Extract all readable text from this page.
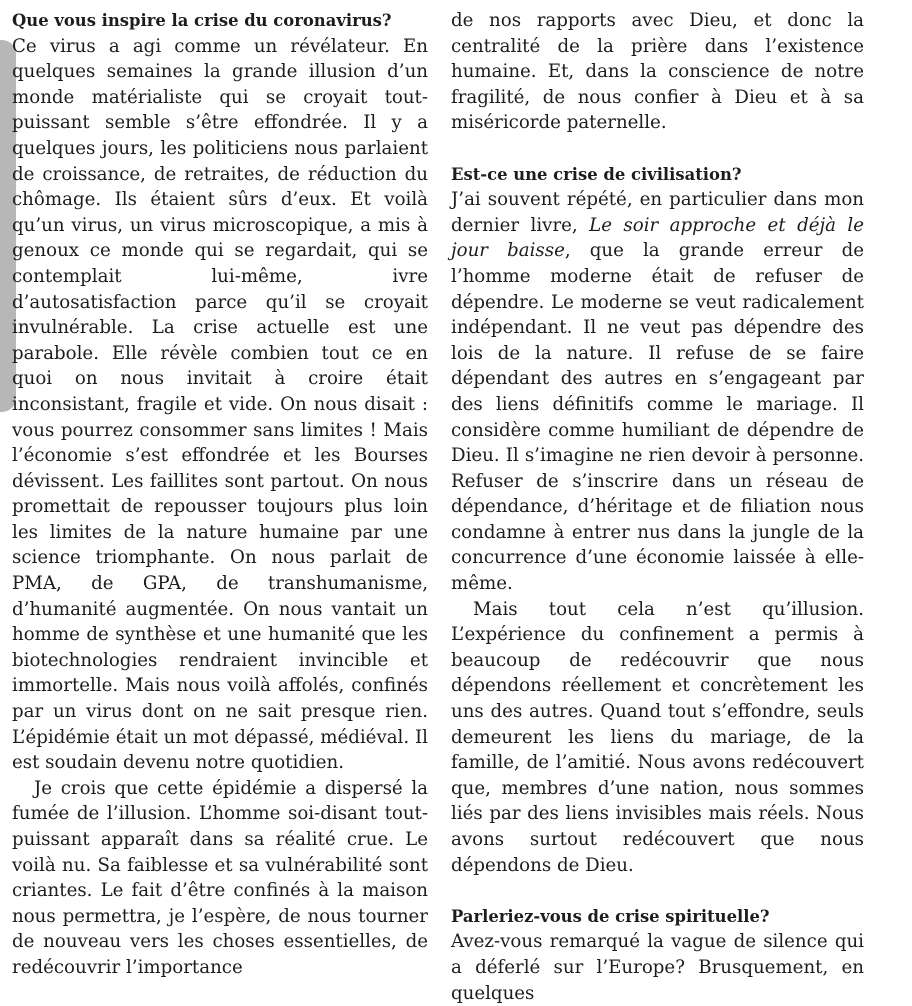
Que vous inspire la crise du coronavirus?

Ce virus a agi comme un révélateur. En quelques semaines la grande illusion d’un monde matérialiste qui se croyait tout-puissant semble s’être effondrée. Il y a quelques jours, les politiciens nous parlaient de croissance, de retraites, de réduction du chômage. Ils étaient sûrs d’eux. Et voilà qu’un virus, un virus microscopique, a mis à genoux ce monde qui se regardait, qui se contemplait lui-même, ivre d’autosatisfaction parce qu’il se croyait invulnérable. La crise actuelle est une parabole. Elle révèle combien tout ce en quoi on nous invitait à croire était inconsistant, fragile et vide. On nous disait : vous pourrez consommer sans limites ! Mais l’économie s’est effondrée et les Bourses dévissent. Les faillites sont partout. On nous promettait de repousser toujours plus loin les limites de la nature humaine par une science triomphante. On nous parlait de PMA, de GPA, de transhumanisme, d’humanité augmentée. On nous vantait un homme de synthèse et une humanité que les biotechnologies rendraient invincible et immortelle. Mais nous voilà affolés, confinés par un virus dont on ne sait presque rien. L’épidémie était un mot dépassé, médiéval. Il est soudain devenu notre quotidien.

Je crois que cette épidémie a dispersé la fumée de l’illusion. L’homme soi-disant tout-puissant apparaît dans sa réalité crue. Le voilà nu. Sa faiblesse et sa vulnérabilité sont criantes. Le fait d’être confinés à la maison nous permettra, je l’espère, de nous tourner de nouveau vers les choses essentielles, de redécouvrir l’importance

de nos rapports avec Dieu, et donc la centralité de la prière dans l’existence humaine. Et, dans la conscience de notre fragilité, de nous confier à Dieu et à sa miséricorde paternelle.

Est-ce une crise de civilisation?

J’ai souvent répété, en particulier dans mon dernier livre, Le soir approche et déjà le jour baisse, que la grande erreur de l’homme moderne était de refuser de dépendre. Le moderne se veut radicalement indépendant. Il ne veut pas dépendre des lois de la nature. Il refuse de se faire dépendant des autres en s’engageant par des liens définitifs comme le mariage. Il considère comme humiliant de dépendre de Dieu. Il s’imagine ne rien devoir à personne. Refuser de s’inscrire dans un réseau de dépendance, d’héritage et de filiation nous condamne à entrer nus dans la jungle de la concurrence d’une économie laissée à elle-même.

Mais tout cela n’est qu’illusion. L’expérience du confinement a permis à beaucoup de redécouvrir que nous dépendons réellement et concrètement les uns des autres. Quand tout s’effondre, seuls demeurent les liens du mariage, de la famille, de l’amitié. Nous avons redécouvert que, membres d’une nation, nous sommes liés par des liens invisibles mais réels. Nous avons surtout redécouvert que nous dépendons de Dieu.

Parleriez-vous de crise spirituelle?

Avez-vous remarqué la vague de silence qui a déferlé sur l’Europe? Brusquement, en quelques
